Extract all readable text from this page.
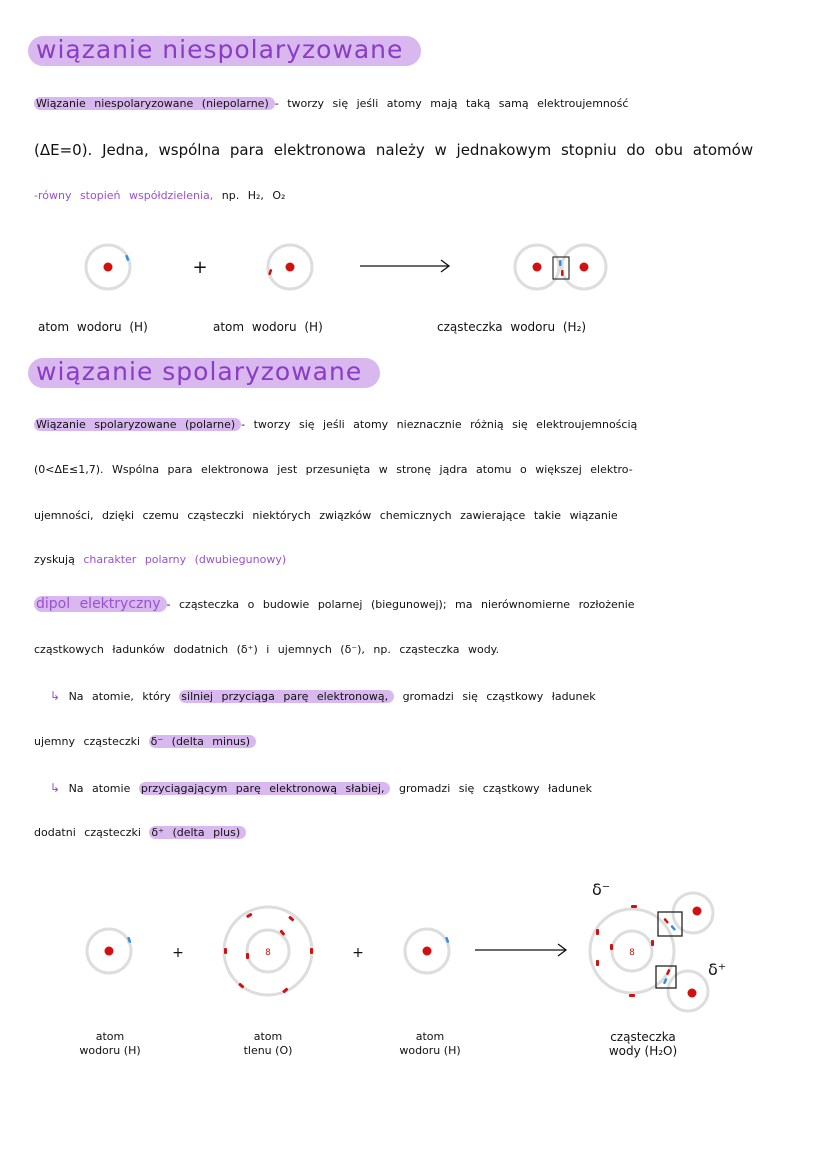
wiązanie niespolaryzowane
Wiązanie niespolaryzowane (niepolarne) - tworzy się jeśli atomy mają taką samą elektroujemność
(ΔE=0). Jedna, wspólna para elektronowa należy w jednakowym stopniu do obu atomów
-równy stopień współdzielenia, np. H₂, O₂
+
8	8
+	+
atom wodoru (H)	atom wodoru (H)	cząsteczka wodoru (H₂)
wiązanie spolaryzowane
Wiązanie spolaryzowane (polarne) - tworzy się jeśli atomy nieznacznie różnią się elektroujemnością
(0<ΔE≤1,7). Wspólna para elektronowa jest przesunięta w stronę jądra atomu o większej elektro-
ujemności, dzięki czemu cząsteczki niektórych związków chemicznych zawierające takie wiązanie
zyskują charakter polarny (dwubiegunowy)
dipol elektryczny - cząsteczka o budowie polarnej (biegunowej); ma nierównomierne rozłożenie
cząstkowych ładunków dodatnich (δ⁺) i ujemnych (δ⁻), np. cząsteczka wody.
↳ Na atomie, który silniej przyciąga parę elektronową, gromadzi się cząstkowy ładunek
ujemny cząsteczki δ⁻ (delta minus)
↳ Na atomie przyciągającym parę elektronową słabiej, gromadzi się cząstkowy ładunek
dodatni cząsteczki δ⁺ (delta plus)
δ⁻
δ⁺
atom
wodoru (H)
atom
tlenu (O)
atom
wodoru (H)
cząsteczka
wody (H₂O)
